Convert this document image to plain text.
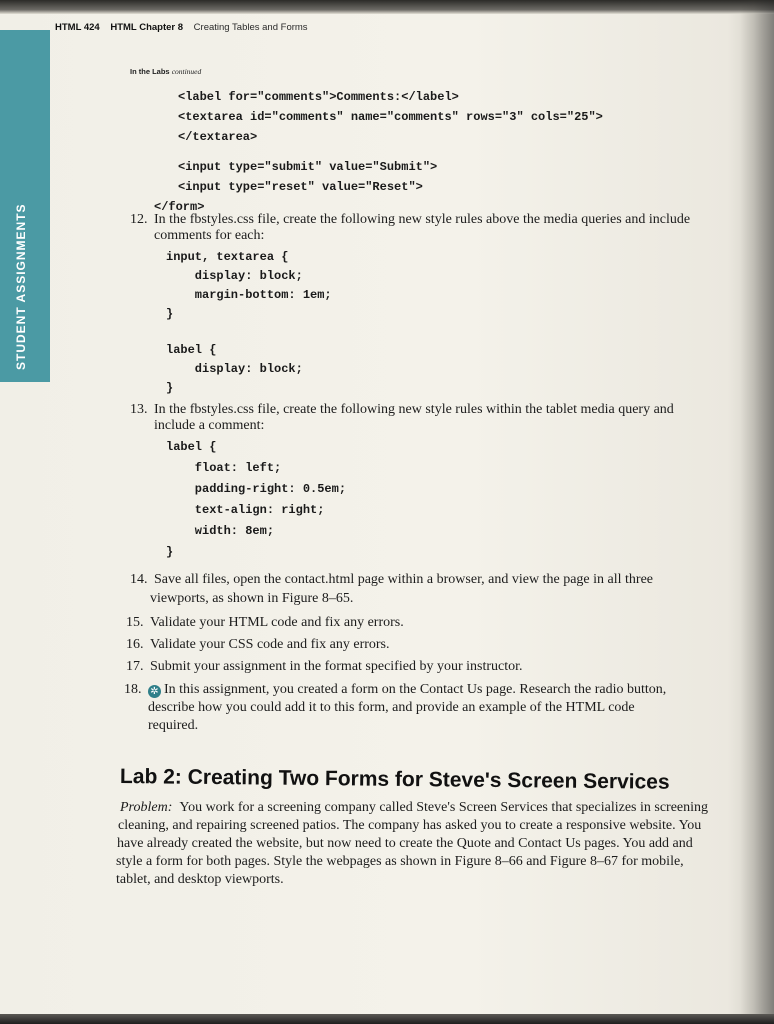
STUDENT ASSIGNMENTS
HTML 424 HTML Chapter 8 Creating Tables and Forms
In the Labs continued
<label for="comments">Comments:</label>
<textarea id="comments" name="comments" rows="3" cols="25">
</textarea>
<input type="submit" value="Submit">
<input type="reset" value="Reset">
</form>
12. In the fbstyles.css file, create the following new style rules above the media queries and include
comments for each:
input, textarea {
display: block;
margin-bottom: 1em;
}
label {
display: block;
}
13. In the fbstyles.css file, create the following new style rules within the tablet media query and
include a comment:
label {
float: left;
padding-right: 0.5em;
text-align: right;
width: 8em;
}
14. Save all files, open the contact.html page within a browser, and view the page in all three
viewports, as shown in Figure 8–65.
15. Validate your HTML code and fix any errors.
16. Validate your CSS code and fix any errors.
17. Submit your assignment in the format specified by your instructor.
18. ✲ In this assignment, you created a form on the Contact Us page. Research the radio button,
describe how you could add it to this form, and provide an example of the HTML code
required.
Lab 2: Creating Two Forms for Steve's Screen Services
Problem: You work for a screening company called Steve's Screen Services that specializes in screening
cleaning, and repairing screened patios. The company has asked you to create a responsive website. You
have already created the website, but now need to create the Quote and Contact Us pages. You add and
style a form for both pages. Style the webpages as shown in Figure 8–66 and Figure 8–67 for mobile,
tablet, and desktop viewports.
